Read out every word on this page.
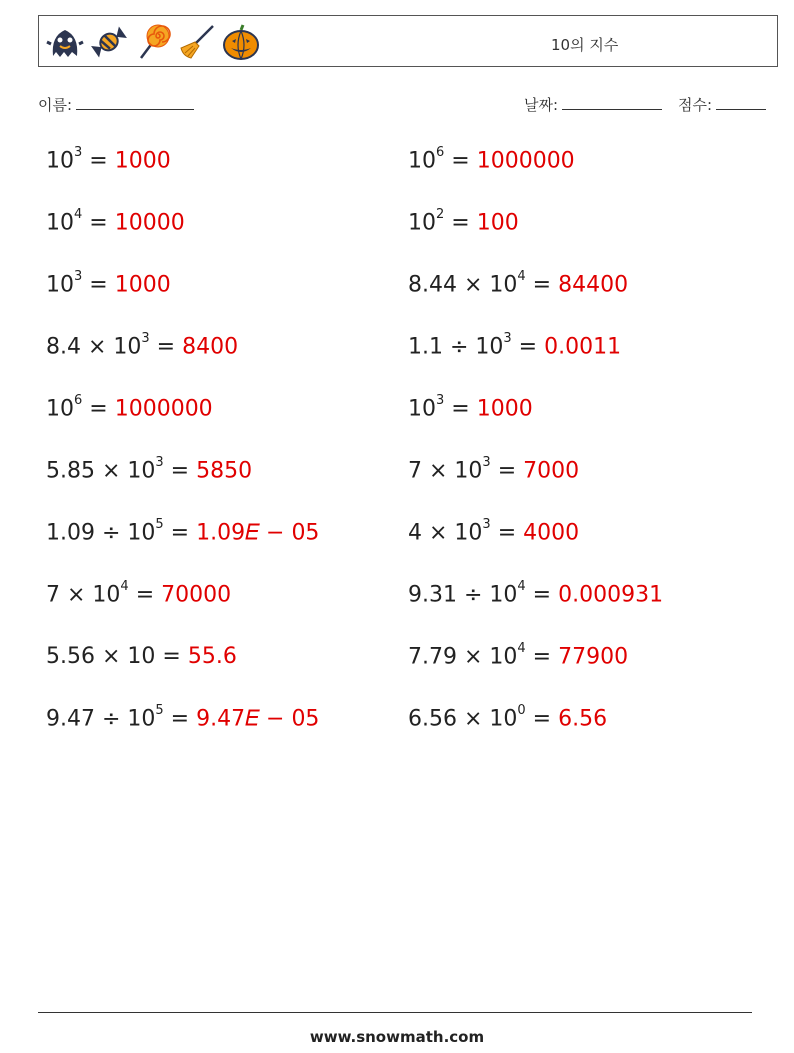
10의 지수
이름:	날짜:	점수:
$10^3 = 1000$	$10^6 = 1000000$
$10^4 = 10000$	$10^2 = 100$
$10^3 = 1000$	$8.44 \times 10^4 = 84400$
$8.4 \times 10^3 = 8400$	$1.1 \div 10^3 = 0.0011$
$10^6 = 1000000$	$10^3 = 1000$
$5.85 \times 10^3 = 5850$	$7 \times 10^3 = 7000$
$1.09 \div 10^5$ = 1.09𝐸 − 05	$4 \times 10^3 = 4000$
$7 \times 10^4 = 70000$	$9.31 \div 10^4 = 0.000931$
5.56 × 10 = 55.6	$7.79 \times 10^4 = 77900$
$9.47 \div 10^5$ = 9.47𝐸 − 05	$6.56 \times 10^0 = 6.56$
www.snowmath.com
